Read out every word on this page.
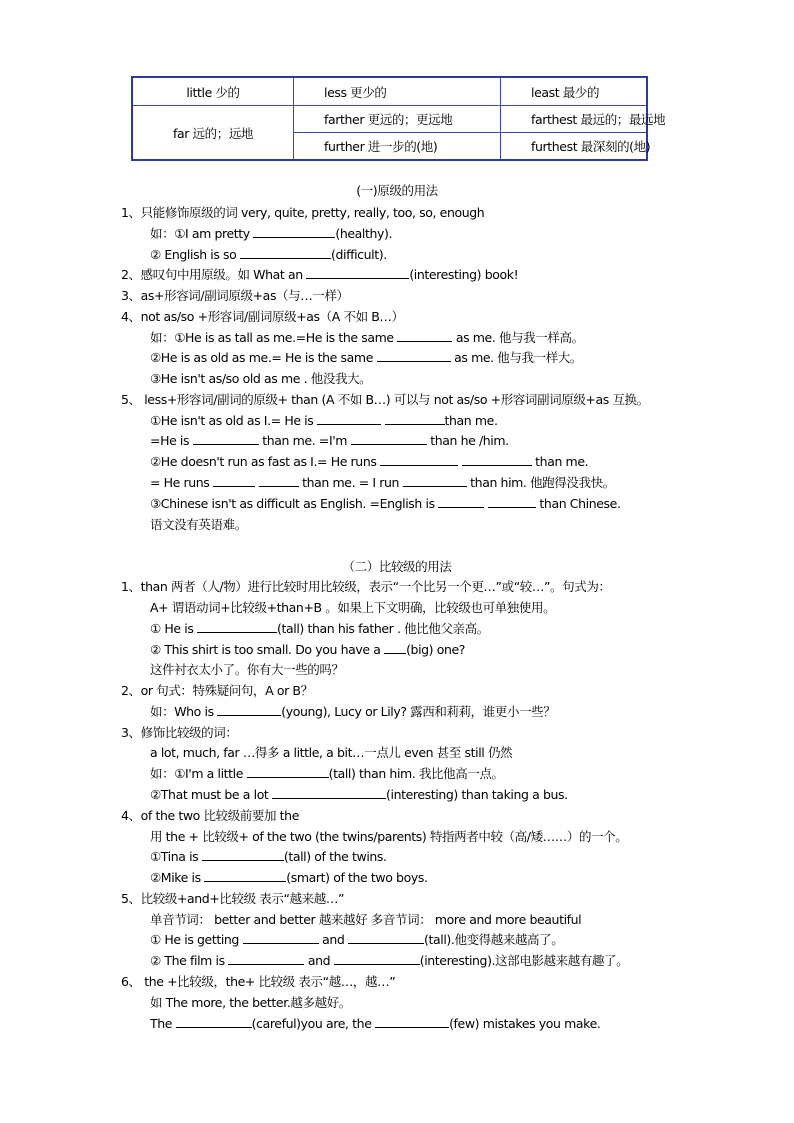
little 少的	less 更少的	least 最少的
far 远的；远地	farther 更远的；更远地	farthest 最远的；最远地
	further 进一步的(地)	furthest 最深刻的(地)
(一)原级的用法
1、只能修饰原级的词 very, quite, pretty, really, too, so, enough
如：①I am pretty	(healthy).
② English is so	(difficult).
2、感叹句中用原级。如 What an	(interesting) book!
3、as+形容词/副词原级+as（与…一样）
4、not as/so +形容词/副词原级+as（A 不如 B…）
如：①He is as tall as me.=He is the same	as me. 他与我一样高。
②He is as old as me.= He is the same	as me. 他与我一样大。
③He isn't as/so old as me . 他没我大。
5、 less+形容词/副词的原级+ than (A 不如 B…) 可以与 not as/so +形容词副词原级+as 互换。
①He isn't as old as I.= He is	than me.
=He is	than me. =I'm	than he /him.
②He doesn't run as fast as I.= He runs	than me.
= He runs	than me. = I run	than him. 他跑得没我快。
③Chinese isn't as difficult as English. =English is	than Chinese.
语文没有英语难。
（二）比较级的用法
1、than 两者（人/物）进行比较时用比较级，表示“一个比另一个更…”或“较…”。句式为：
A+ 谓语动词+比较级+than+B 。如果上下文明确，比较级也可单独使用。
① He is	(tall) than his father . 他比他父亲高。
② This shirt is too small. Do you have a (big) one?
这件衬衣太小了。你有大一些的吗？
2、or 句式：特殊疑问句，A or B？
如：Who is	(young), Lucy or Lily? 露西和莉莉，谁更小一些？
3、修饰比较级的词：
a lot, much, far …得多 a little, a bit…一点儿 even 甚至 still 仍然
如：①I'm a little	(tall) than him. 我比他高一点。
②That must be a lot	(interesting) than taking a bus.
4、of the two 比较级前要加 the
用 the + 比较级+ of the two (the twins/parents) 特指两者中较（高/矮……）的一个。
①Tina is	(tall) of the twins.
②Mike is	(smart) of the two boys.
5、比较级+and+比较级 表示“越来越…”
单音节词： better and better 越来越好 多音节词： more and more beautiful
① He is getting	and	(tall).他变得越来越高了。
② The film is	and	(interesting).这部电影越来越有趣了。
6、 the +比较级，the+ 比较级 表示“越…，越…”
如 The more, the better.越多越好。
The	(careful)you are, the	(few) mistakes you make.
